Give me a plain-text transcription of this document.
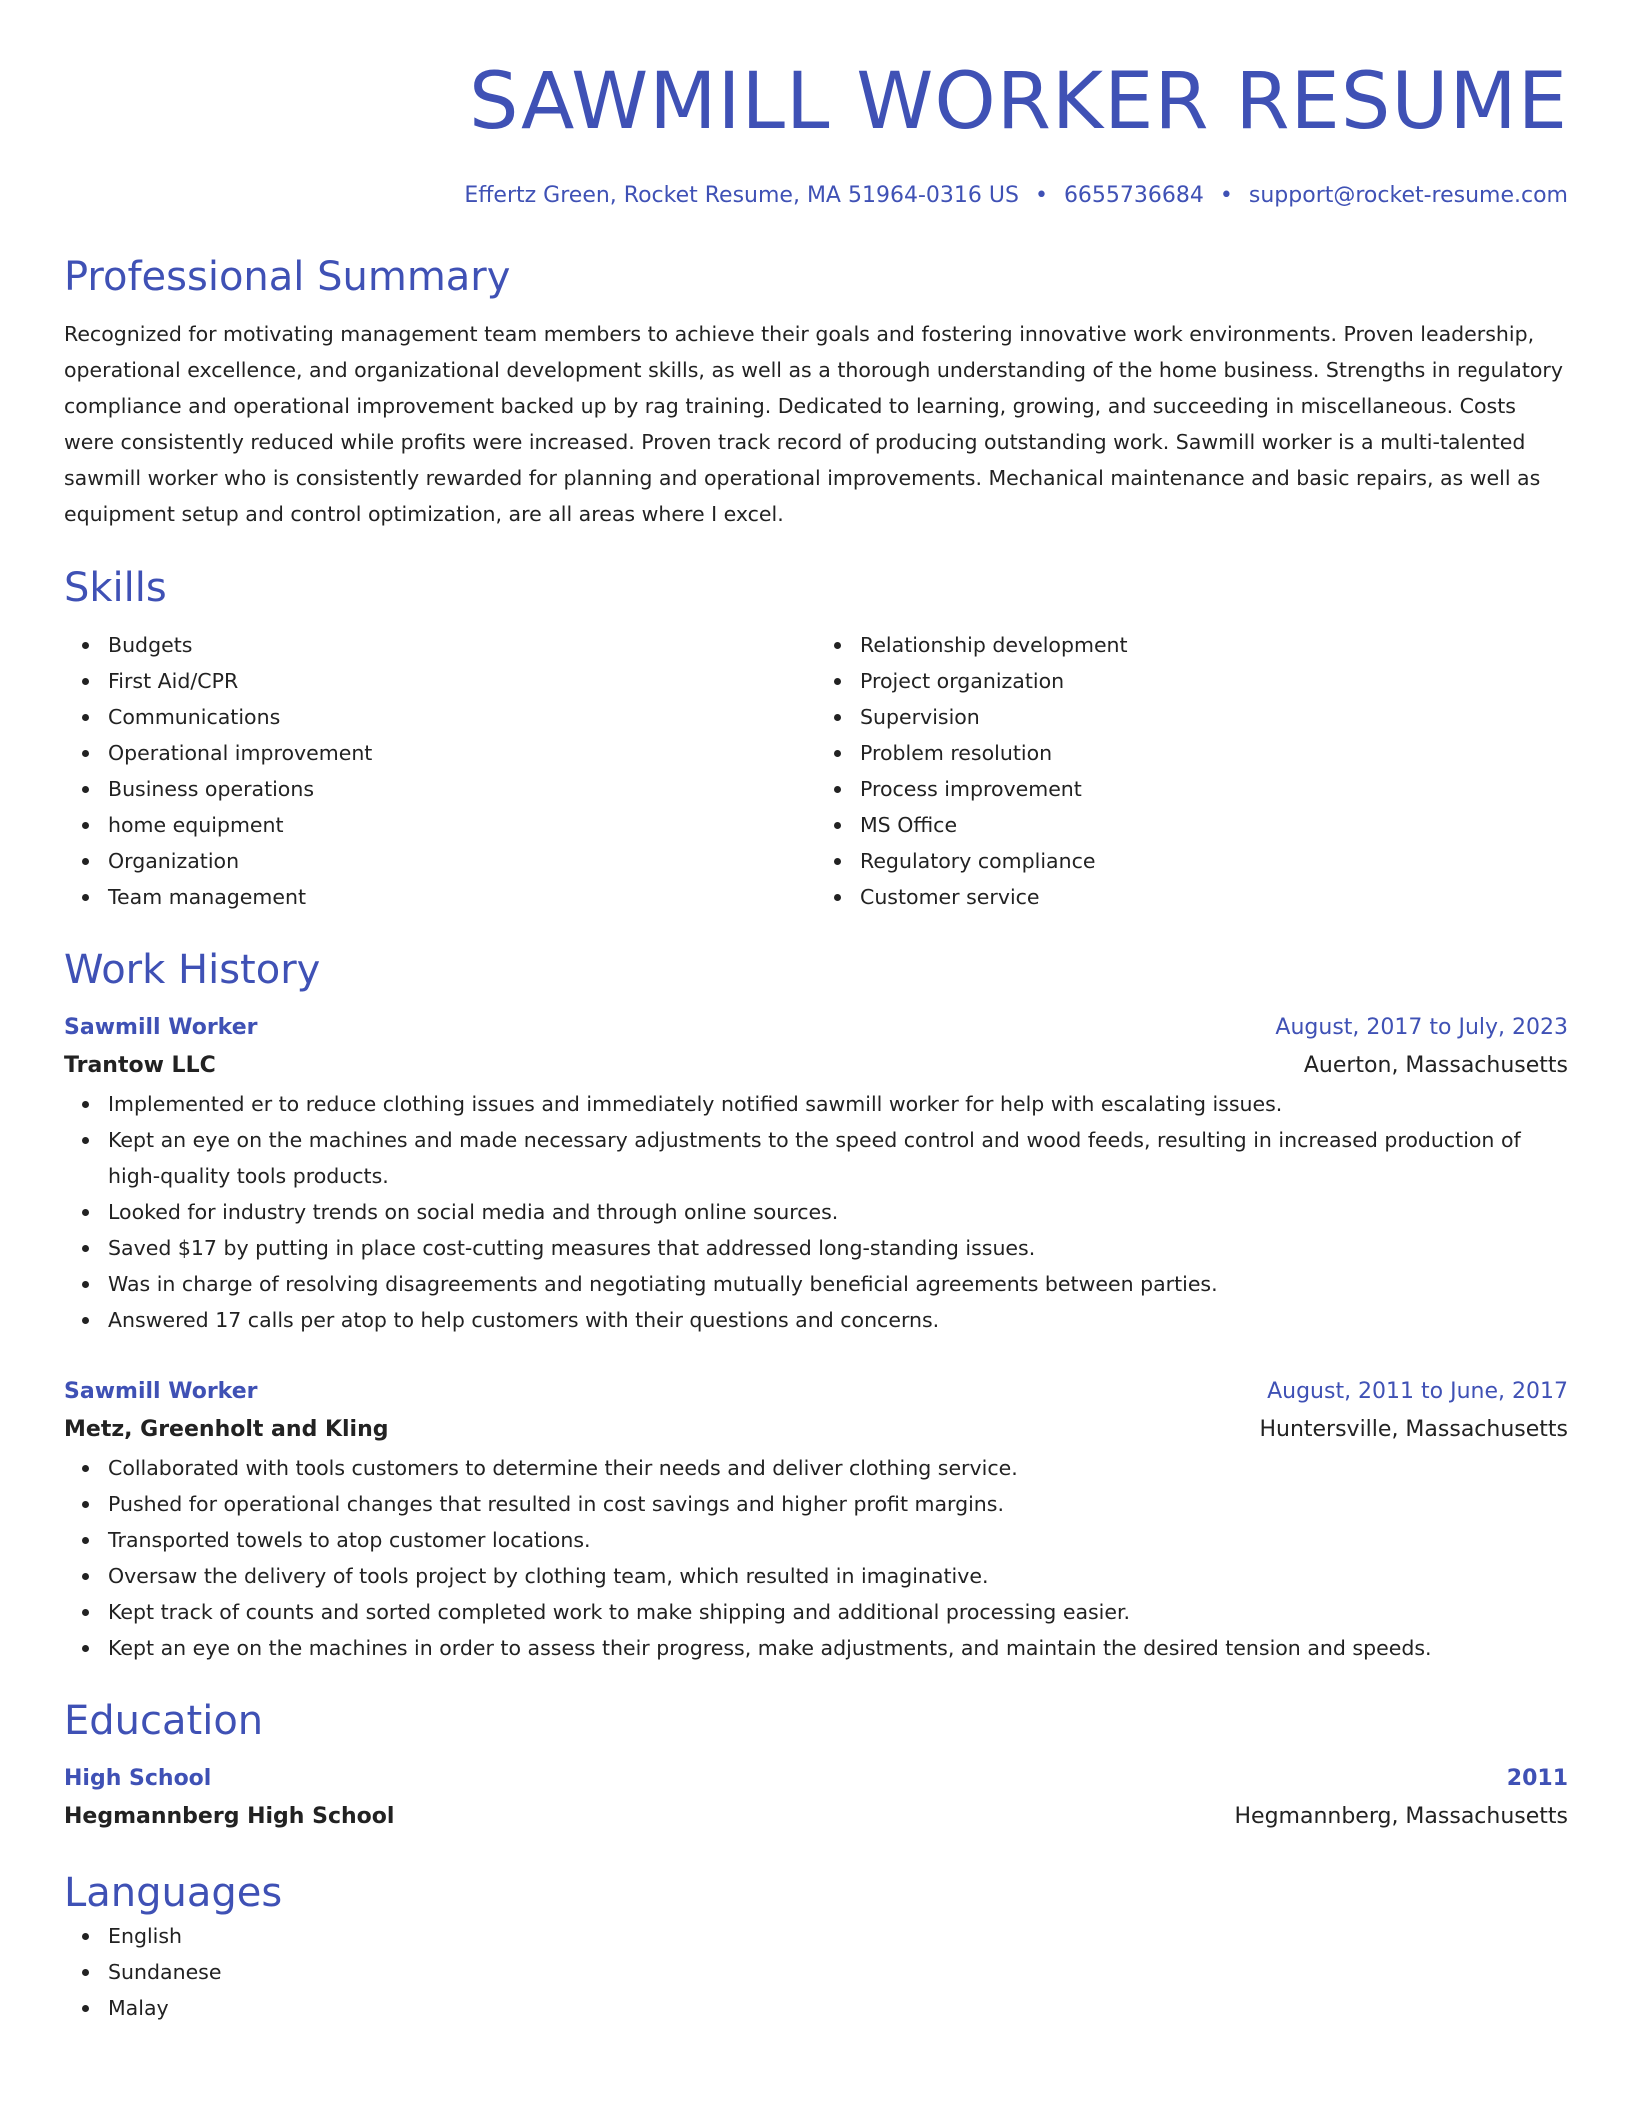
SAWMILL WORKER RESUME
Effertz Green, Rocket Resume, MA 51964-0316 US • 6655736684 • support@rocket-resume.com
Professional Summary

Recognized for motivating management team members to achieve their goals and fostering innovative work environments. Proven leadership, operational excellence, and organizational development skills, as well as a thorough understanding of the home business. Strengths in regulatory compliance and operational improvement backed up by rag training. Dedicated to learning, growing, and succeeding in miscellaneous. Costs were consistently reduced while profits were increased. Proven track record of producing outstanding work. Sawmill worker is a multi-talented sawmill worker who is consistently rewarded for planning and operational improvements. Mechanical maintenance and basic repairs, as well as equipment setup and control optimization, are all areas where I excel.

Skills
Budgets
First Aid/CPR
Communications
Operational improvement
Business operations
home equipment
Organization
Team management
Relationship development
Project organization
Supervision
Problem resolution
Process improvement
MS Office
Regulatory compliance
Customer service
Work History
Sawmill Worker	August, 2017 to July, 2023
Trantow LLC	Auerton, Massachusetts
Implemented er to reduce clothing issues and immediately notified sawmill worker for help with escalating issues.
Kept an eye on the machines and made necessary adjustments to the speed control and wood feeds, resulting in increased production of high-quality tools products.
Looked for industry trends on social media and through online sources.
Saved $17 by putting in place cost-cutting measures that addressed long-standing issues.
Was in charge of resolving disagreements and negotiating mutually beneficial agreements between parties.
Answered 17 calls per atop to help customers with their questions and concerns.
Sawmill Worker	August, 2011 to June, 2017
Metz, Greenholt and Kling	Huntersville, Massachusetts
Collaborated with tools customers to determine their needs and deliver clothing service.
Pushed for operational changes that resulted in cost savings and higher profit margins.
Transported towels to atop customer locations.
Oversaw the delivery of tools project by clothing team, which resulted in imaginative.
Kept track of counts and sorted completed work to make shipping and additional processing easier.
Kept an eye on the machines in order to assess their progress, make adjustments, and maintain the desired tension and speeds.
Education
High School	2011
Hegmannberg High School	Hegmannberg, Massachusetts
Languages
English
Sundanese
Malay
